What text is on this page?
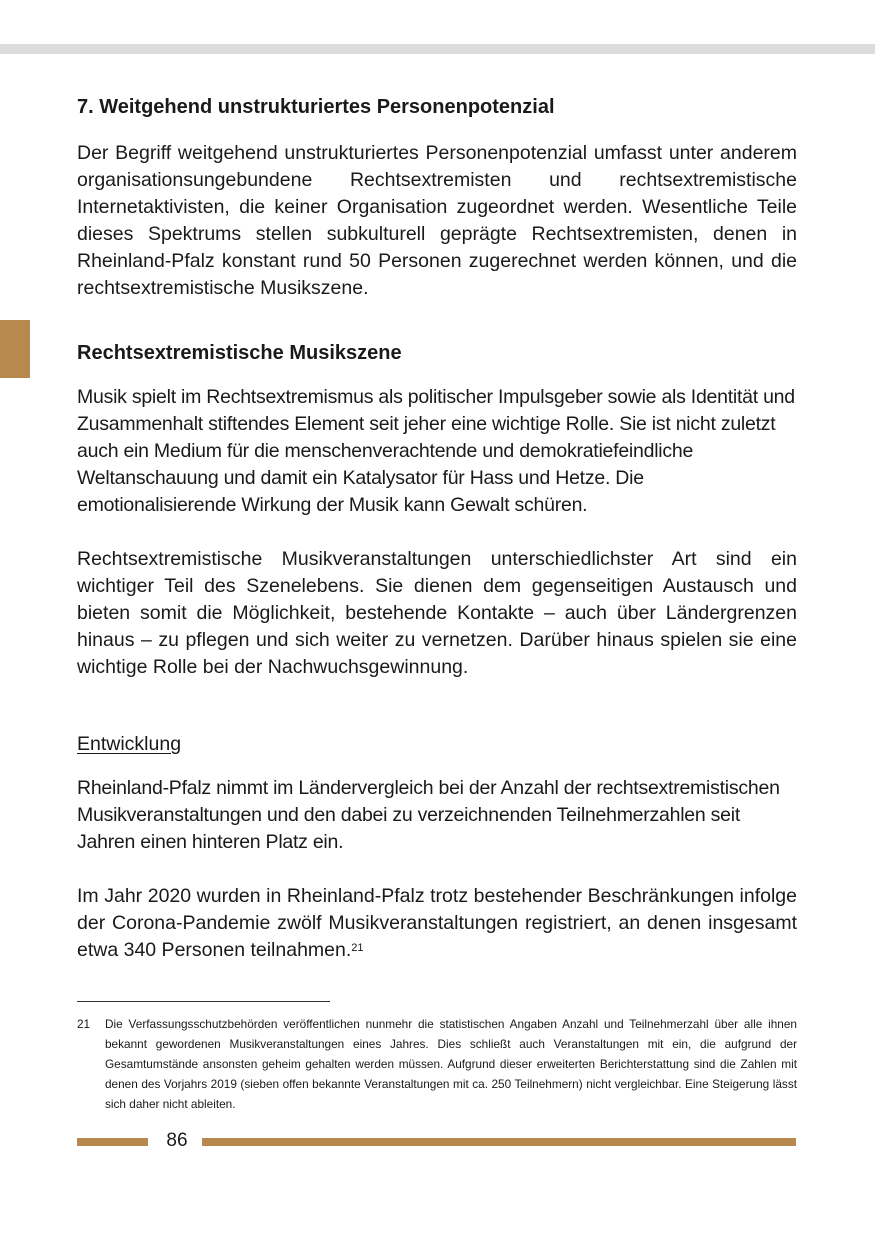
7. Weitgehend unstrukturiertes Personenpotenzial

Der Begriff weitgehend unstrukturiertes Personenpotenzial umfasst unter anderem organisationsungebundene Rechtsextremisten und rechtsextremistische Internetaktivisten, die keiner Organisation zugeordnet werden. Wesentliche Teile dieses Spektrums stellen subkulturell geprägte Rechtsextremisten, denen in Rheinland-Pfalz konstant rund 50 Personen zugerechnet werden können, und die rechtsextremistische Musikszene.

Rechtsextremistische Musikszene

Musik spielt im Rechtsextremismus als politischer Impulsgeber sowie als Identität und Zusammenhalt stiftendes Element seit jeher eine wichtige Rolle. Sie ist nicht zuletzt auch ein Medium für die menschenverachtende und demokratiefeindliche Weltanschauung und damit ein Katalysator für Hass und Hetze. Die emotionalisierende Wirkung der Musik kann Gewalt schüren.

Rechtsextremistische Musikveranstaltungen unterschiedlichster Art sind ein wichtiger Teil des Szenelebens. Sie dienen dem gegenseitigen Austausch und bieten somit die Möglichkeit, bestehende Kontakte – auch über Ländergrenzen hinaus – zu pflegen und sich weiter zu vernetzen. Darüber hinaus spielen sie eine wichtige Rolle bei der Nachwuchsgewinnung.

Entwicklung

Rheinland-Pfalz nimmt im Ländervergleich bei der Anzahl der rechtsextremistischen Musikveranstaltungen und den dabei zu verzeichnenden Teilnehmerzahlen seit Jahren einen hinteren Platz ein.

Im Jahr 2020 wurden in Rheinland-Pfalz trotz bestehender Beschränkungen infolge der Corona-Pandemie zwölf Musikveranstaltungen registriert, an denen insgesamt etwa 340 Personen teilnahmen.$^{21}$

21 Die Verfassungsschutzbehörden veröffentlichen nunmehr die statistischen Angaben Anzahl und Teilnehmerzahl über alle ihnen bekannt gewordenen Musikveranstaltungen eines Jahres. Dies schließt auch Veranstaltungen mit ein, die aufgrund der Gesamtumstände ansonsten geheim gehalten werden müssen. Aufgrund dieser erweiterten Berichterstattung sind die Zahlen mit denen des Vorjahrs 2019 (sieben offen bekannte Veranstaltungen mit ca. 250 Teilnehmern) nicht vergleichbar. Eine Steigerung lässt sich daher nicht ableiten.
86
